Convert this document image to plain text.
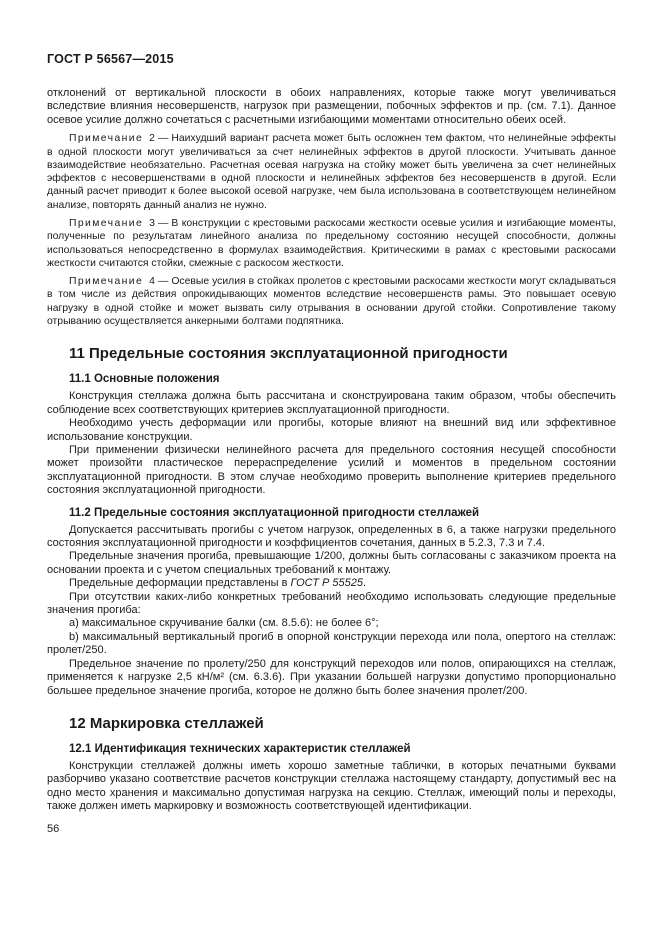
ГОСТ Р 56567—2015
отклонений от вертикальной плоскости в обоих направлениях, которые также могут увеличиваться вследствие влияния несовершенств, нагрузок при размещении, побочных эффектов и пр. (см. 7.1). Данное осевое усилие должно сочетаться с расчетными изгибающими моментами относительно обеих осей.
Примечание 2 — Наихудший вариант расчета может быть осложнен тем фактом, что нелинейные эффекты в одной плоскости могут увеличиваться за счет нелинейных эффектов в другой плоскости. Учитывать данное взаимодействие необязательно. Расчетная осевая нагрузка на стойку может быть увеличена за счет нелинейных эффектов с несовершенствами в одной плоскости и нелинейных эффектов без несовершенств в другой. Если данный расчет приводит к более высокой осевой нагрузке, чем была использована в соответствующем нелинейном анализе, повторять данный анализ не нужно.
Примечание 3 — В конструкции с крестовыми раскосами жесткости осевые усилия и изгибающие моменты, полученные по результатам линейного анализа по предельному состоянию несущей способности, должны использоваться непосредственно в формулах взаимодействия. Критическими в рамах с крестовыми раскосами жесткости считаются стойки, смежные с раскосом жесткости.
Примечание 4 — Осевые усилия в стойках пролетов с крестовыми раскосами жесткости могут складываться в том числе из действия опрокидывающих моментов вследствие несовершенств рамы. Это повышает осевую нагрузку в одной стойке и может вызвать силу отрывания в основании другой стойки. Сопротивление такому отрыванию осуществляется анкерными болтами подпятника.
11 Предельные состояния эксплуатационной пригодности
11.1 Основные положения
Конструкция стеллажа должна быть рассчитана и сконструирована таким образом, чтобы обеспечить соблюдение всех соответствующих критериев эксплуатационной пригодности.
Необходимо учесть деформации или прогибы, которые влияют на внешний вид или эффективное использование конструкции.
При применении физически нелинейного расчета для предельного состояния несущей способности может произойти пластическое перераспределение усилий и моментов в предельном состоянии эксплуатационной пригодности. В этом случае необходимо проверить выполнение критериев предельного состояния эксплуатационной пригодности.
11.2 Предельные состояния эксплуатационной пригодности стеллажей
Допускается рассчитывать прогибы с учетом нагрузок, определенных в 6, а также нагрузки предельного состояния эксплуатационной пригодности и коэффициентов сочетания, данных в 5.2.3, 7.3 и 7.4.
Предельные значения прогиба, превышающие 1/200, должны быть согласованы с заказчиком проекта на основании проекта и с учетом специальных требований к монтажу.
Предельные деформации представлены в ГОСТ Р 55525.
При отсутствии каких-либо конкретных требований необходимо использовать следующие предельные значения прогиба:
a) максимальное скручивание балки (см. 8.5.6): не более 6°;
b) максимальный вертикальный прогиб в опорной конструкции перехода или пола, опертого на стеллаж: пролет/250.
Предельное значение по пролету/250 для конструкций переходов или полов, опирающихся на стеллаж, применяется к нагрузке 2,5 кН/м² (см. 6.3.6). При указании большей нагрузки допустимо пропорционально большее предельное значение прогиба, которое не должно быть более значения пролет/200.
12 Маркировка стеллажей
12.1 Идентификация технических характеристик стеллажей
Конструкции стеллажей должны иметь хорошо заметные таблички, в которых печатными буквами разборчиво указано соответствие расчетов конструкции стеллажа настоящему стандарту, допустимый вес на одно место хранения и максимально допустимая нагрузка на секцию. Стеллаж, имеющий полы и переходы, также должен иметь маркировку и возможность соответствующей идентификации.
56
